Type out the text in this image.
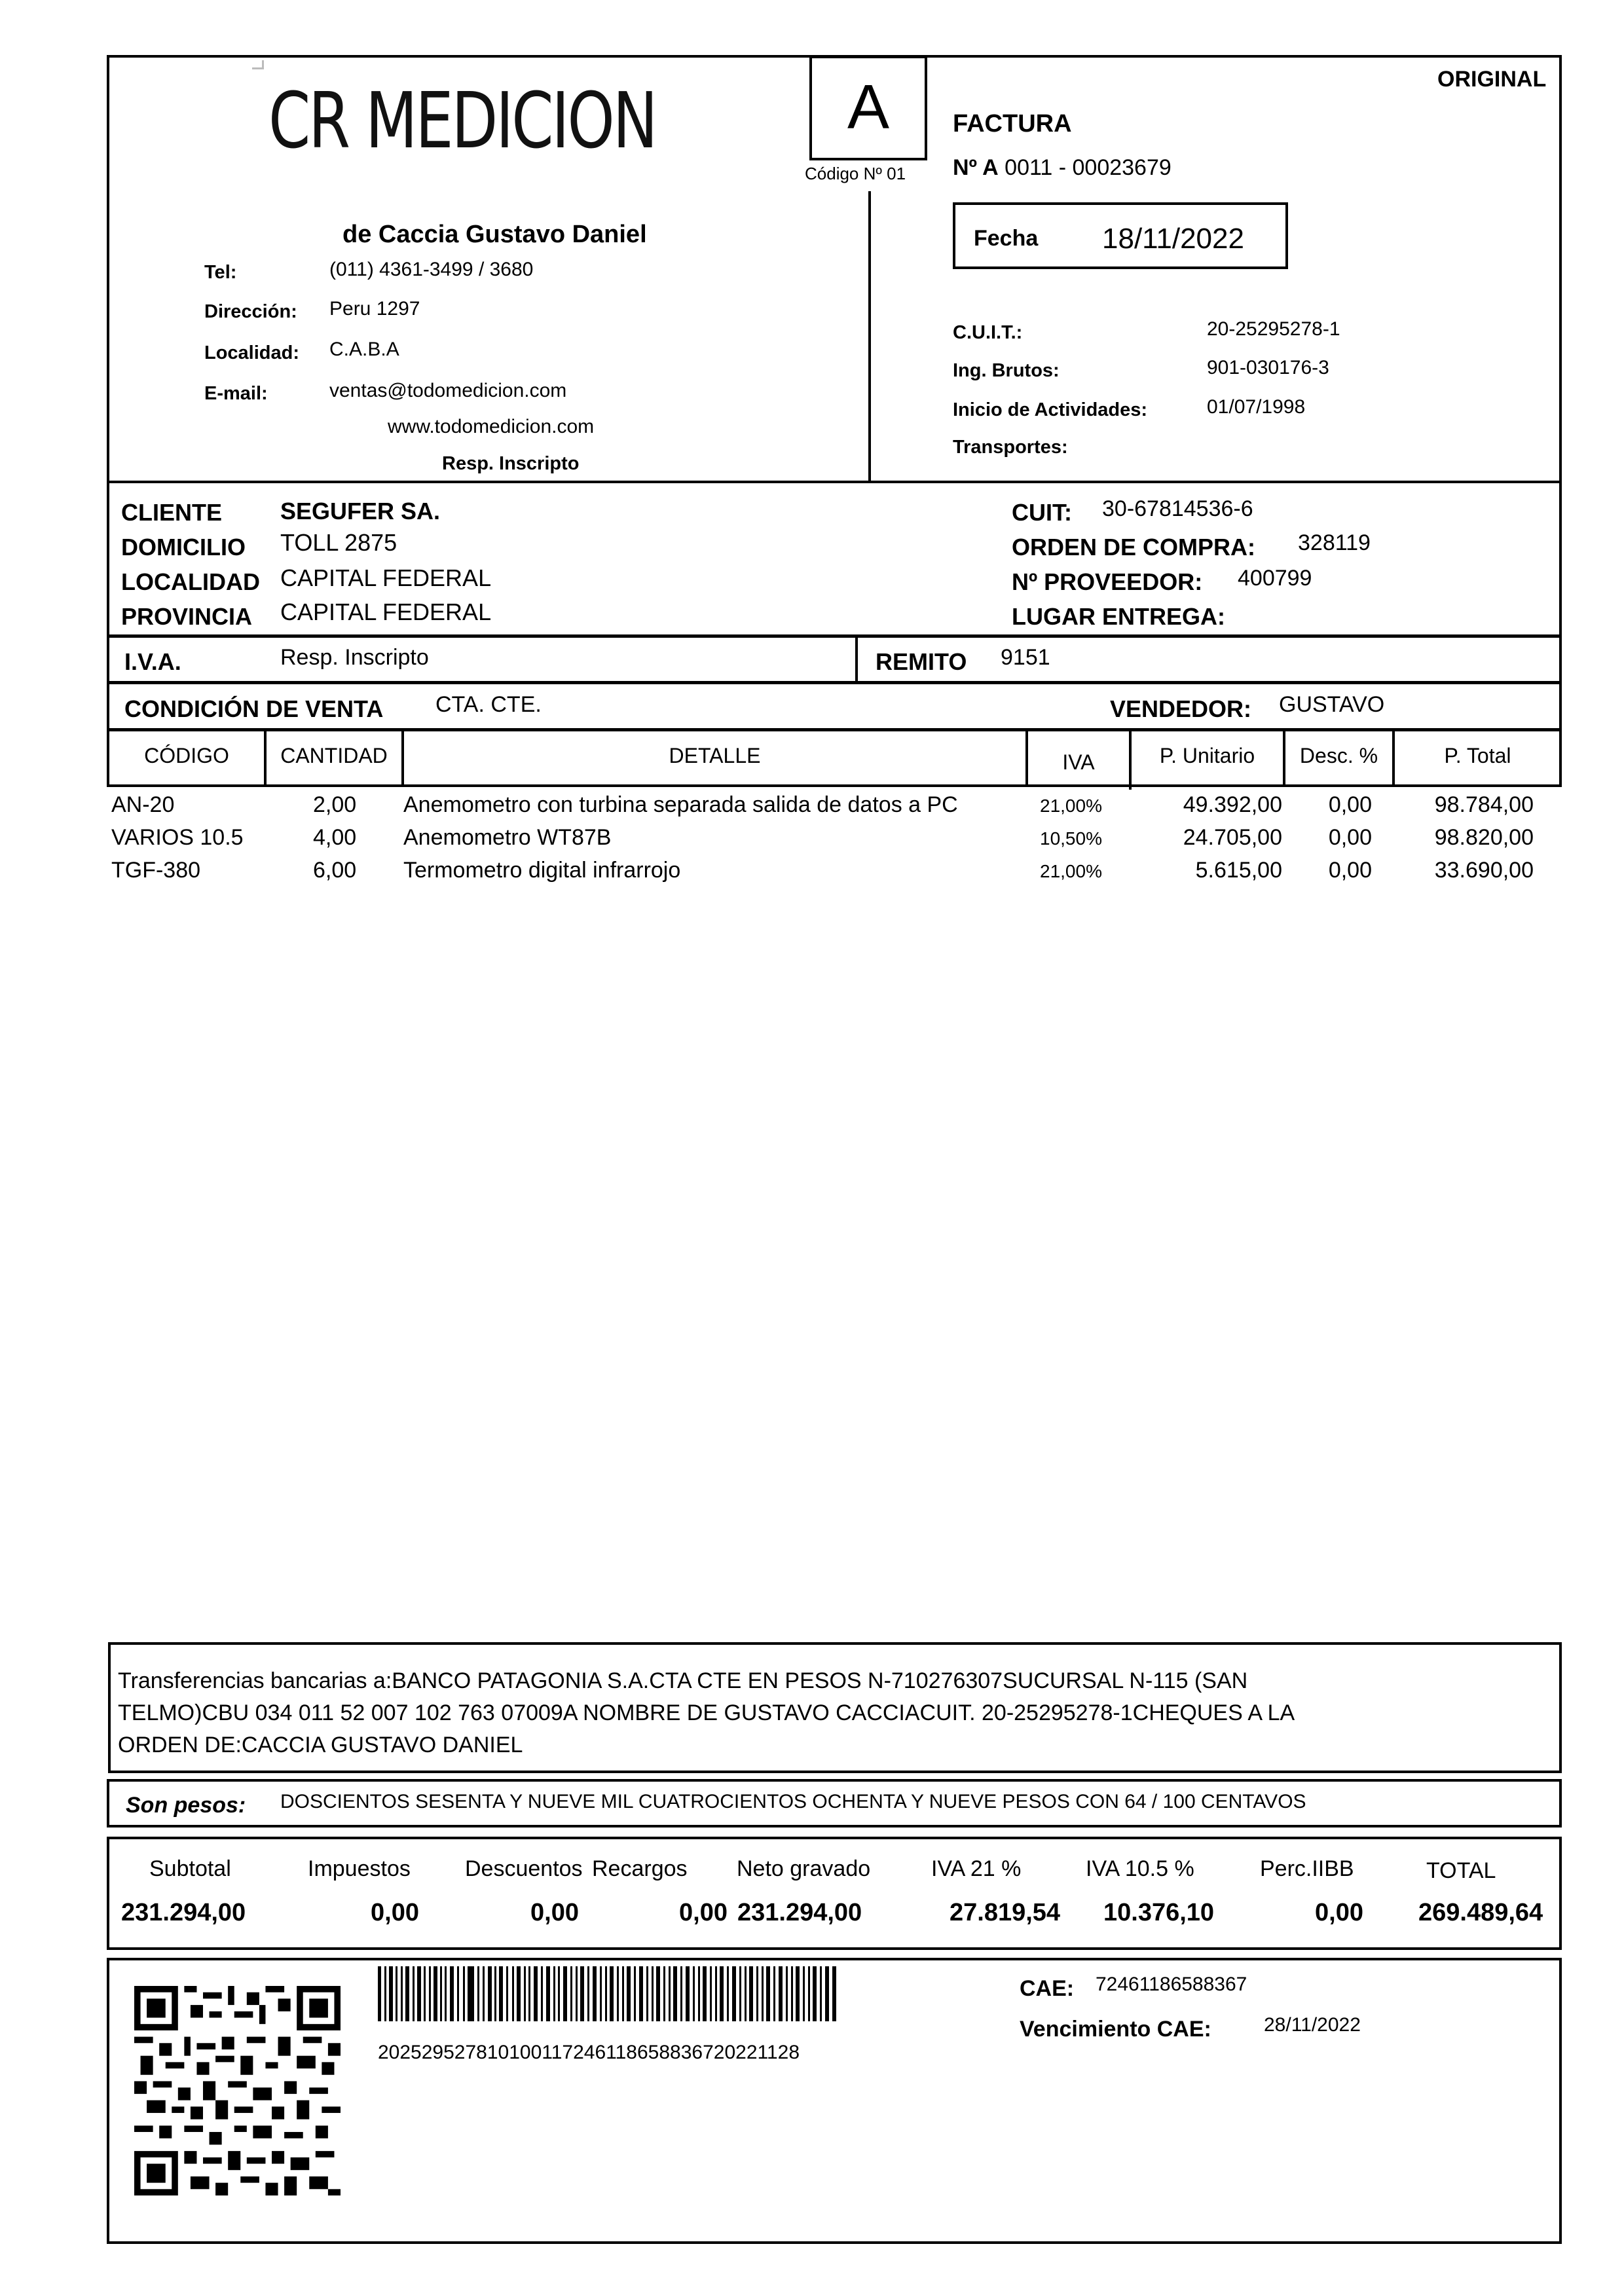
CR MEDICION	A
Código Nº 01
de Caccia Gustavo Daniel
Tel:	(011) 4361-3499 / 3680
Dirección: Peru 1297
Localidad: C.A.B.A
E-mail:	ventas@todomedicion.com
www.todomedicion.com
Resp. Inscripto
ORIGINAL
FACTURA
Nº A 0011 - 00023679
Fecha 18/11/2022
C.U.I.T.:	20-25295278-1
Ing. Brutos:	901-030176-3
Inicio de Actividades:	01/07/1998
Transportes:
CLIENTE SEGUFER SA.
DOMICILIO TOLL 2875
LOCALIDAD CAPITAL FEDERAL
PROVINCIA CAPITAL FEDERAL
CUIT: 30-67814536-6
ORDEN DE COMPRA: 328119
Nº PROVEEDOR: 400799
LUGAR ENTREGA:
I.V.A.	Resp. Inscripto	REMITO 9151
CONDICIÓN DE VENTA CTA. CTE.	VENDEDOR: GUSTAVO
CÓDIGO	CANTIDAD	DETALLE	IVA	P. Unitario	Desc. %	P. Total
AN-20	2,00 Anemometro con turbina separada salida de datos a PC	21,00%	49.392,00 0,00	98.784,00
VARIOS 10.5	4,00 Anemometro WT87B	10,50%	24.705,00 0,00	98.820,00
TGF-380	6,00 Termometro digital infrarrojo	21,00%	5.615,00 0,00	33.690,00
Transferencias bancarias a:BANCO PATAGONIA S.A.CTA CTE EN PESOS N-710276307SUCURSAL N-115 (SAN
TELMO)CBU 034 011 52 007 102 763 07009A NOMBRE DE GUSTAVO CACCIACUIT. 20-25295278-1CHEQUES A LA
ORDEN DE:CACCIA GUSTAVO DANIEL
Son pesos: DOSCIENTOS SESENTA Y NUEVE MIL CUATROCIENTOS OCHENTA Y NUEVE PESOS CON 64 / 100 CENTAVOS
Subtotal	Impuestos Descuentos Recargos Neto gravado	IVA 21 %	IVA 10.5 %	Perc.IIBB	TOTAL
231.294,00	0,00	0,00	0,00 231.294,00	27.819,54 10.376,10	0,00 269.489,64
202529527810100117246118658836720221128
CAE: 72461186588367
Vencimiento CAE:	28/11/2022
